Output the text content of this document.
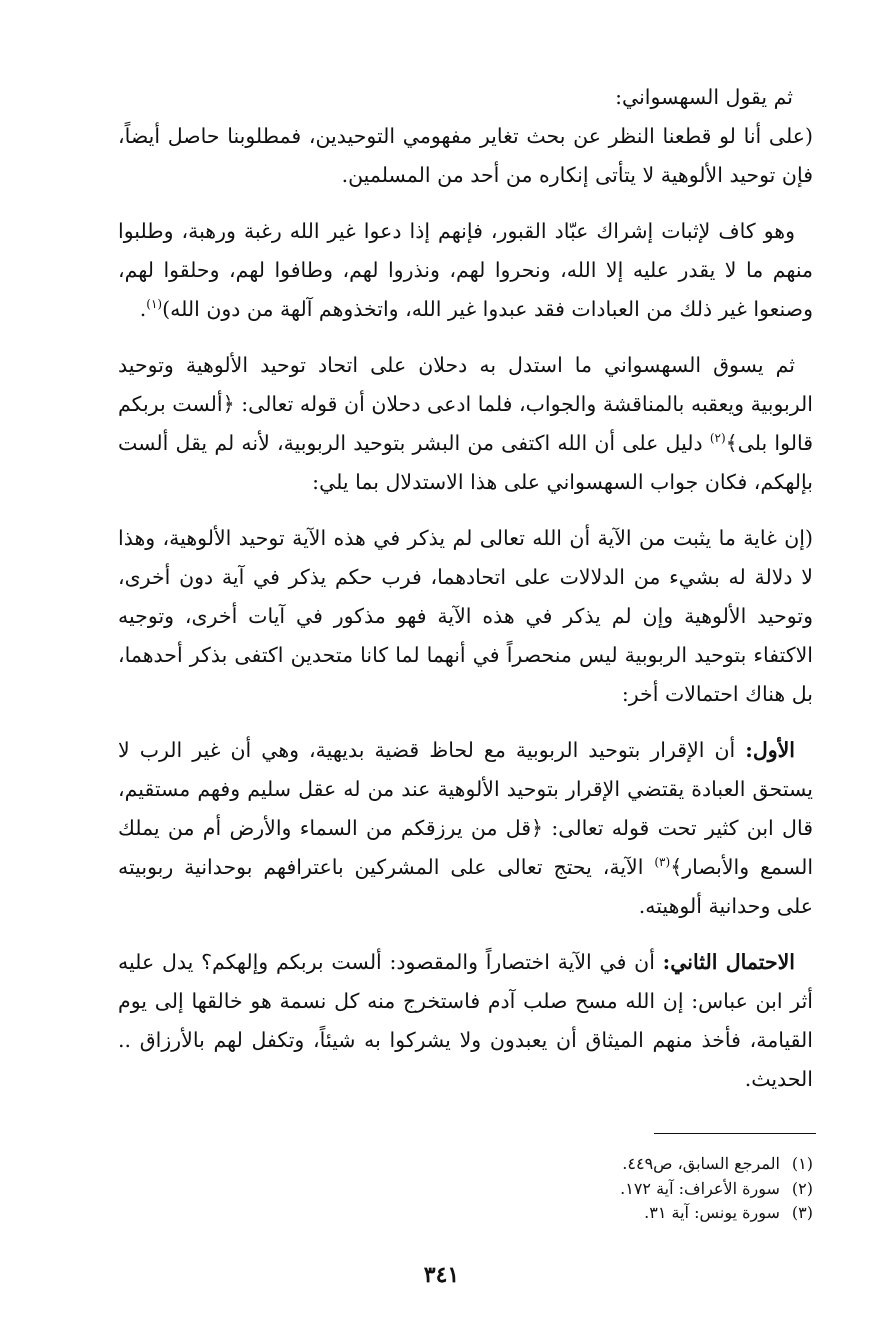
ثم يقول السهسواني:

(على أنا لو قطعنا النظر عن بحث تغاير مفهومي التوحيدين، فمطلوبنا حاصل أيضاً، فإن توحيد الألوهية لا يتأتى إنكاره من أحد من المسلمين.

وهو كاف لإثبات إشراك عبّاد القبور، فإنهم إذا دعوا غير الله رغبة ورهبة، وطلبوا منهم ما لا يقدر عليه إلا الله، ونحروا لهم، ونذروا لهم، وطافوا لهم، وحلقوا لهم، وصنعوا غير ذلك من العبادات فقد عبدوا غير الله، واتخذوهم آلهة من دون الله)$^{(١)}$.

ثم يسوق السهسواني ما استدل به دحلان على اتحاد توحيد الألوهية وتوحيد الربوبية ويعقبه بالمناقشة والجواب، فلما ادعى دحلان أن قوله تعالى: ﴿ألست بربكم قالوا بلى﴾$^{(٢)}$ دليل على أن الله اكتفى من البشر بتوحيد الربوبية، لأنه لم يقل ألست بإلهكم، فكان جواب السهسواني على هذا الاستدلال بما يلي:

(إن غاية ما يثبت من الآية أن الله تعالى لم يذكر في هذه الآية توحيد الألوهية، وهذا لا دلالة له بشيء من الدلالات على اتحادهما، فرب حكم يذكر في آية دون أخرى، وتوحيد الألوهية وإن لم يذكر في هذه الآية فهو مذكور في آيات أخرى، وتوجيه الاكتفاء بتوحيد الربوبية ليس منحصراً في أنهما لما كانا متحدين اكتفى بذكر أحدهما، بل هناك احتمالات أخر:

الأول: أن الإقرار بتوحيد الربوبية مع لحاظ قضية بديهية، وهي أن غير الرب لا يستحق العبادة يقتضي الإقرار بتوحيد الألوهية عند من له عقل سليم وفهم مستقيم، قال ابن كثير تحت قوله تعالى: ﴿قل من يرزقكم من السماء والأرض أم من يملك السمع والأبصار﴾$^{(٣)}$ الآية، يحتج تعالى على المشركين باعترافهم بوحدانية ربوبيته على وحدانية ألوهيته.

الاحتمال الثاني: أن في الآية اختصاراً والمقصود: ألست بربكم وإلهكم؟ يدل عليه أثر ابن عباس: إن الله مسح صلب آدم فاستخرج منه كل نسمة هو خالقها إلى يوم القيامة، فأخذ منهم الميثاق أن يعبدون ولا يشركوا به شيئاً، وتكفل لهم بالأرزاق .. الحديث.

(١)المرجع السابق، ص٤٤٩.
(٢)سورة الأعراف: آية ١٧٢.
(٣)سورة يونس: آية ٣١.
٣٤١
